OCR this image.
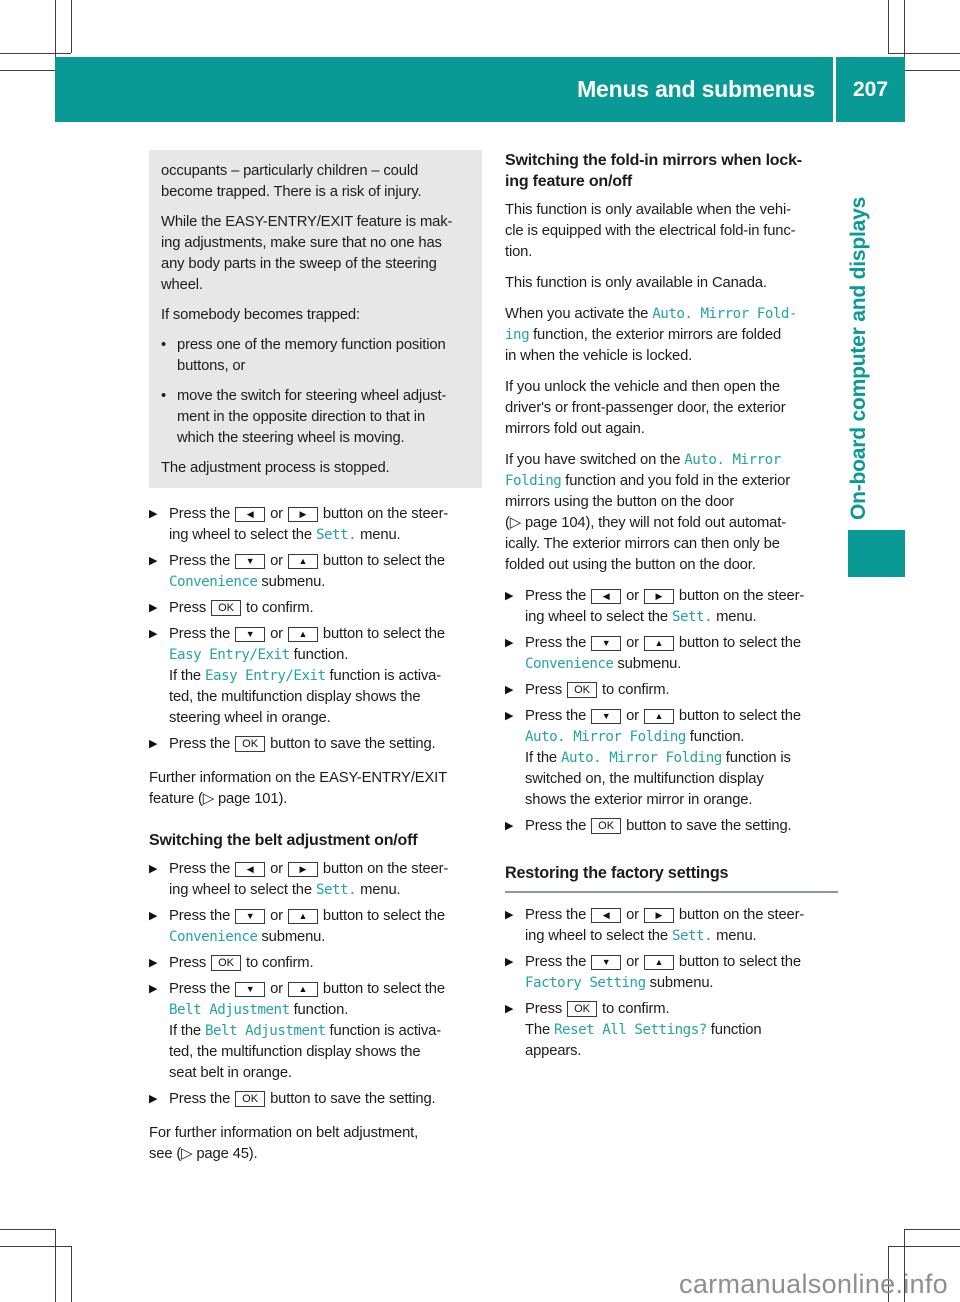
Menus and submenus	207
On-board computer and displays

occupants – particularly children – could
become trapped. There is a risk of injury.

While the EASY-ENTRY/EXIT feature is mak-
ing adjustments, make sure that no one has
any body parts in the sweep of the steering
wheel.

If somebody becomes trapped:

• press one of the memory function position
buttons, or
• move the switch for steering wheel adjust-
ment in the opposite direction to that in
which the steering wheel is moving.

The adjustment process is stopped.

▶ Press the ◀ or ▶ button on the steer-
ing wheel to select the Sett. menu.
▶ Press the ▼ or ▲ button to select the
Convenience submenu.
▶ Press OK to confirm.
▶ Press the ▼ or ▲ button to select the
Easy Entry/Exit function.
If the Easy Entry/Exit function is activa-
ted, the multifunction display shows the
steering wheel in orange.
▶ Press the OK button to save the setting.

Further information on the EASY-ENTRY/EXIT
feature (▷ page 101).

Switching the belt adjustment on/off
▶ Press the ◀ or ▶ button on the steer-
ing wheel to select the Sett. menu.
▶ Press the ▼ or ▲ button to select the
Convenience submenu.
▶ Press OK to confirm.
▶ Press the ▼ or ▲ button to select the
Belt Adjustment function.
If the Belt Adjustment function is activa-
ted, the multifunction display shows the
seat belt in orange.
▶ Press the OK button to save the setting.

For further information on belt adjustment,
see (▷ page 45).

Switching the fold-in mirrors when lock-
ing feature on/off

This function is only available when the vehi-
cle is equipped with the electrical fold-in func-
tion.

This function is only available in Canada.

When you activate the Auto. Mirror Fold‐
ing function, the exterior mirrors are folded
in when the vehicle is locked.

If you unlock the vehicle and then open the
driver's or front-passenger door, the exterior
mirrors fold out again.

If you have switched on the Auto. Mirror
Folding function and you fold in the exterior
mirrors using the button on the door
(▷ page 104), they will not fold out automat-
ically. The exterior mirrors can then only be
folded out using the button on the door.

▶ Press the ◀ or ▶ button on the steer-
ing wheel to select the Sett. menu.
▶ Press the ▼ or ▲ button to select the
Convenience submenu.
▶ Press OK to confirm.
▶ Press the ▼ or ▲ button to select the
Auto. Mirror Folding function.
If the Auto. Mirror Folding function is
switched on, the multifunction display
shows the exterior mirror in orange.
▶ Press the OK button to save the setting.
Restoring the factory settings
▶ Press the ◀ or ▶ button on the steer-
ing wheel to select the Sett. menu.
▶ Press the ▼ or ▲ button to select the
Factory Setting submenu.
▶ Press OK to confirm.
The Reset All Settings? function
appears.
carmanualsonline.info
